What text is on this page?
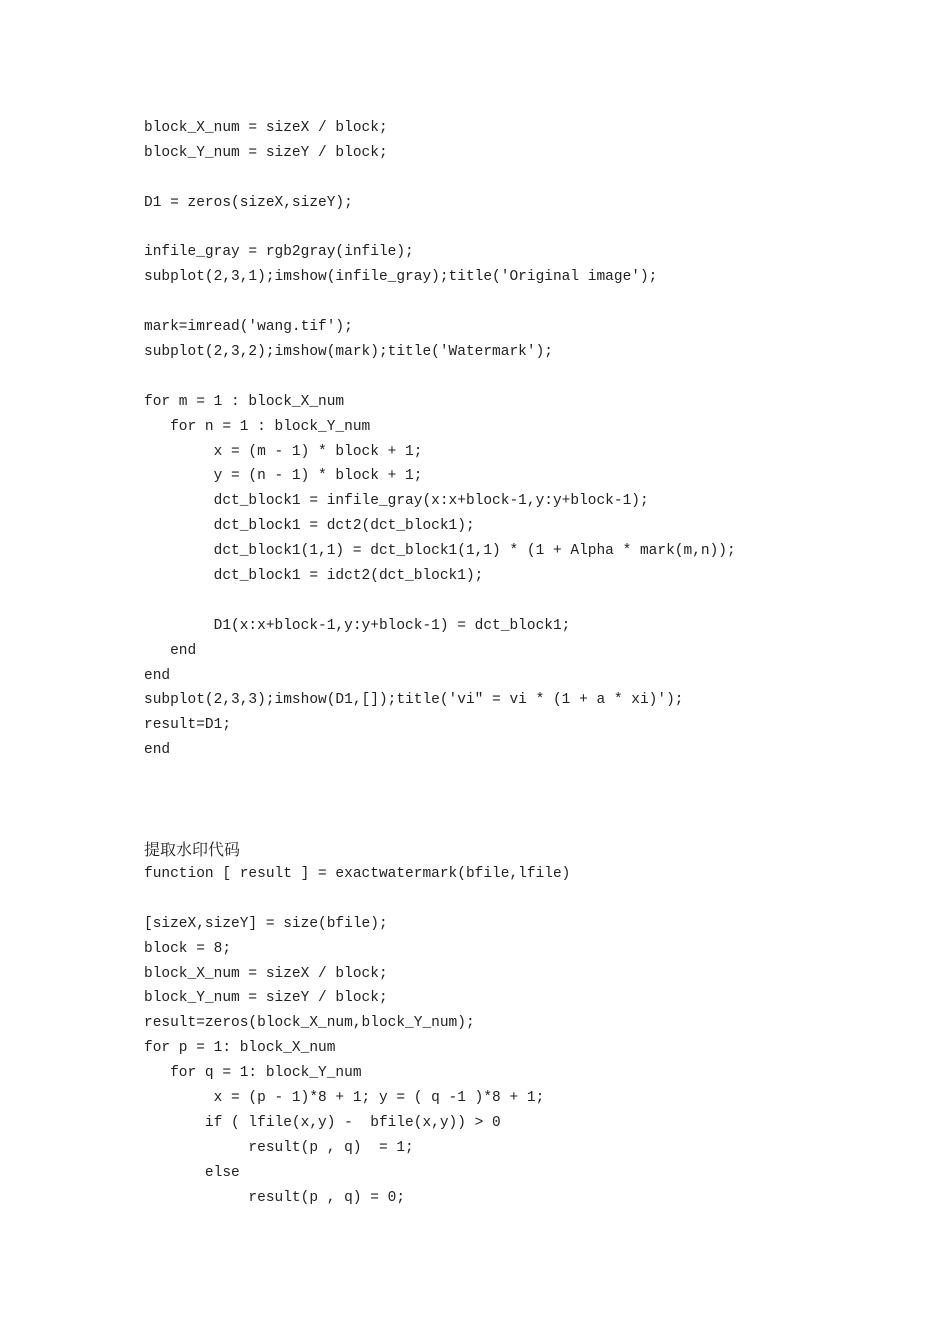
block_X_num = sizeX / block;
block_Y_num = sizeY / block;
D1 = zeros(sizeX,sizeY);
infile_gray = rgb2gray(infile);
subplot(2,3,1);imshow(infile_gray);title('Original image');
mark=imread('wang.tif');
subplot(2,3,2);imshow(mark);title('Watermark');
for m = 1 : block_X_num
for n = 1 : block_Y_num
x = (m - 1) * block + 1;
y = (n - 1) * block + 1;
dct_block1 = infile_gray(x:x+block-1,y:y+block-1);
dct_block1 = dct2(dct_block1);
dct_block1(1,1) = dct_block1(1,1) * (1 + Alpha * mark(m,n));
dct_block1 = idct2(dct_block1);
D1(x:x+block-1,y:y+block-1) = dct_block1;
end
end
subplot(2,3,3);imshow(D1,[]);title('vi" = vi * (1 + a * xi)');
result=D1;
end
提取水印代码
function [ result ] = exactwatermark(bfile,lfile)
[sizeX,sizeY] = size(bfile);
block = 8;
block_X_num = sizeX / block;
block_Y_num = sizeY / block;
result=zeros(block_X_num,block_Y_num);
for p = 1: block_X_num
for q = 1: block_Y_num
x = (p - 1)*8 + 1; y = ( q -1 )*8 + 1;
if ( lfile(x,y) -  bfile(x,y)) > 0
result(p , q)  = 1;
else
result(p , q) = 0;
